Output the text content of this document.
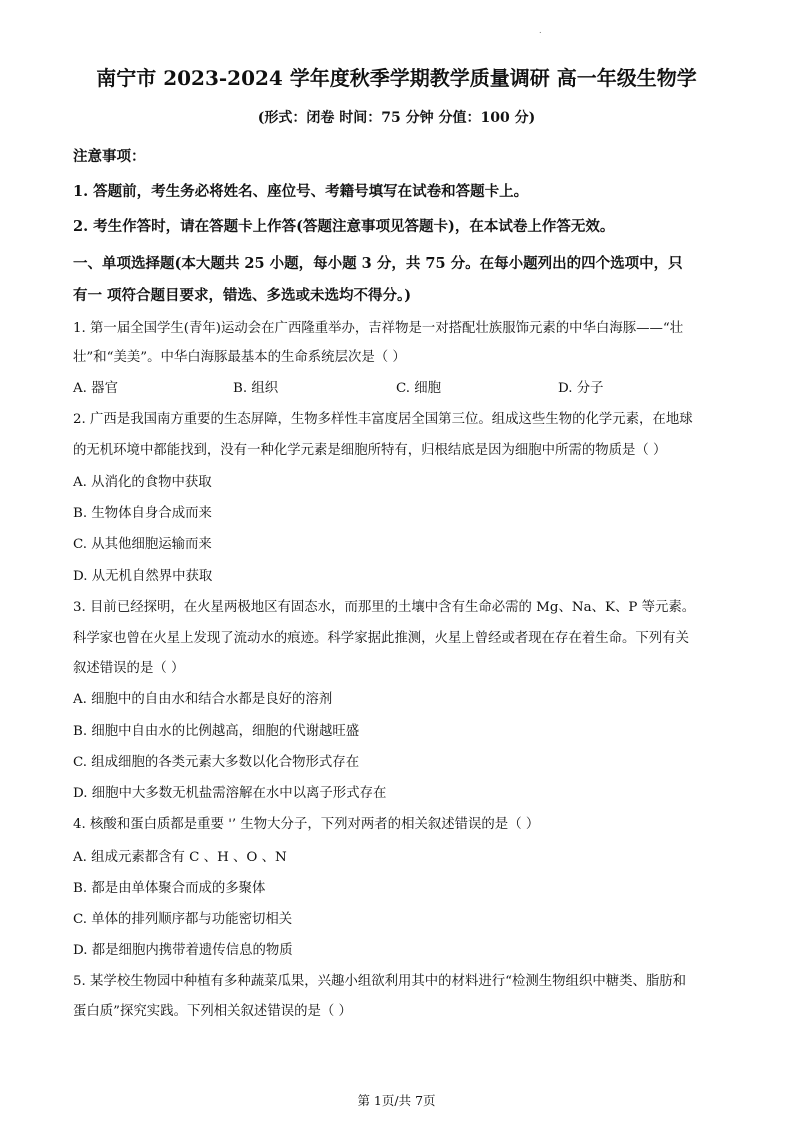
.
南宁市 2023-2024 学年度秋季学期教学质量调研 高一年级生物学
(形式：闭卷 时间：75 分钟 分值：100 分)
注意事项：
1. 答题前，考生务必将姓名、座位号、考籍号填写在试卷和答题卡上。
2. 考生作答时，请在答题卡上作答(答题注意事项见答题卡)，在本试卷上作答无效。
一、单项选择题(本大题共 25 小题，每小题 3 分，共 75 分。在每小题列出的四个选项中，只
有一 项符合题目要求，错选、多选或未选均不得分。)
1. 第一届全国学生(青年)运动会在广西隆重举办，吉祥物是一对搭配壮族服饰元素的中华白海豚——“壮
壮”和“美美”。中华白海豚最基本的生命系统层次是（ ）
A. 器官	B. 组织	C. 细胞	D. 分子
2. 广西是我国南方重要的生态屏障，生物多样性丰富度居全国第三位。组成这些生物的化学元素，在地球
的无机环境中都能找到，没有一种化学元素是细胞所特有，归根结底是因为细胞中所需的物质是（ ）
A. 从消化的食物中获取
B. 生物体自身合成而来
C. 从其他细胞运输而来
D. 从无机自然界中获取
3. 目前已经探明，在火星两极地区有固态水，而那里的土壤中含有生命必需的 Mg、Na、K、P 等元素。
科学家也曾在火星上发现了流动水的痕迹。科学家据此推测，火星上曾经或者现在存在着生命。下列有关
叙述错误的是（ ）
A. 细胞中的自由水和结合水都是良好的溶剂
B. 细胞中自由水的比例越高，细胞的代谢越旺盛
C. 组成细胞的各类元素大多数以化合物形式存在
D. 细胞中大多数无机盐需溶解在水中以离子形式存在
4. 核酸和蛋白质都是重要 '’ 生物大分子，下列对两者的相关叙述错误的是（ ）
A. 组成元素都含有 C 、H 、O 、N
B. 都是由单体聚合而成的多聚体
C. 单体的排列顺序都与功能密切相关
D. 都是细胞内携带着遗传信息的物质
5. 某学校生物园中种植有多种蔬菜瓜果，兴趣小组欲利用其中的材料进行“检测生物组织中糖类、脂肪和
蛋白质”探究实践。下列相关叙述错误的是（ ）
第 1页/共 7页
